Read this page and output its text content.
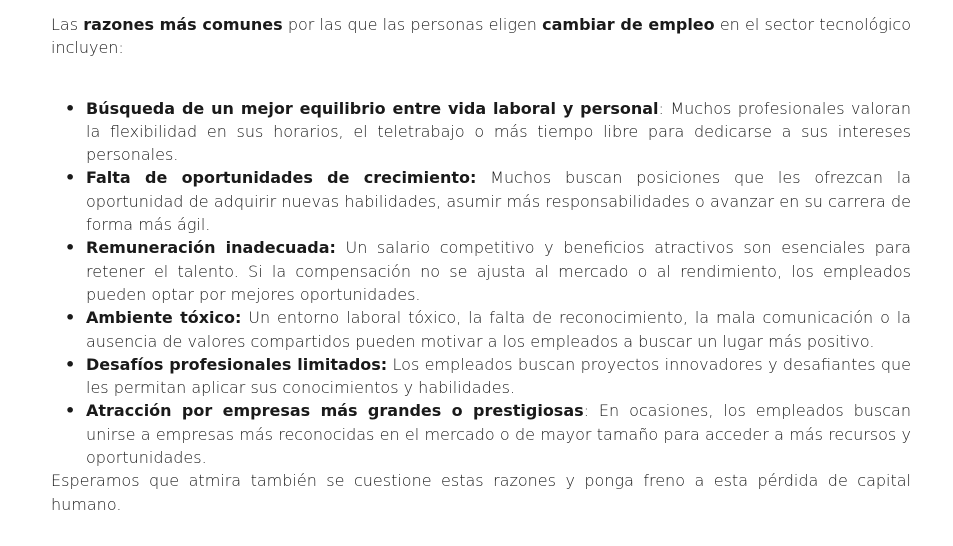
Las razones más comunes por las que las personas eligen cambiar de empleo en el sector tecnológico incluyen:

• Búsqueda de un mejor equilibrio entre vida laboral y personal: Muchos profesionales valoran la flexibilidad en sus horarios, el teletrabajo o más tiempo libre para dedicarse a sus intereses personales.
• Falta de oportunidades de crecimiento: Muchos buscan posiciones que les ofrezcan la oportunidad de adquirir nuevas habilidades, asumir más responsabilidades o avanzar en su carrera de forma más ágil.
• Remuneración inadecuada: Un salario competitivo y beneficios atractivos son esenciales para retener el talento. Si la compensación no se ajusta al mercado o al rendimiento, los empleados pueden optar por mejores oportunidades.
• Ambiente tóxico: Un entorno laboral tóxico, la falta de reconocimiento, la mala comunicación o la ausencia de valores compartidos pueden motivar a los empleados a buscar un lugar más positivo.
• Desafíos profesionales limitados: Los empleados buscan proyectos innovadores y desafiantes que les permitan aplicar sus conocimientos y habilidades.
• Atracción por empresas más grandes o prestigiosas: En ocasiones, los empleados buscan unirse a empresas más reconocidas en el mercado o de mayor tamaño para acceder a más recursos y oportunidades.

Esperamos que atmira también se cuestione estas razones y ponga freno a esta pérdida de capital humano.
